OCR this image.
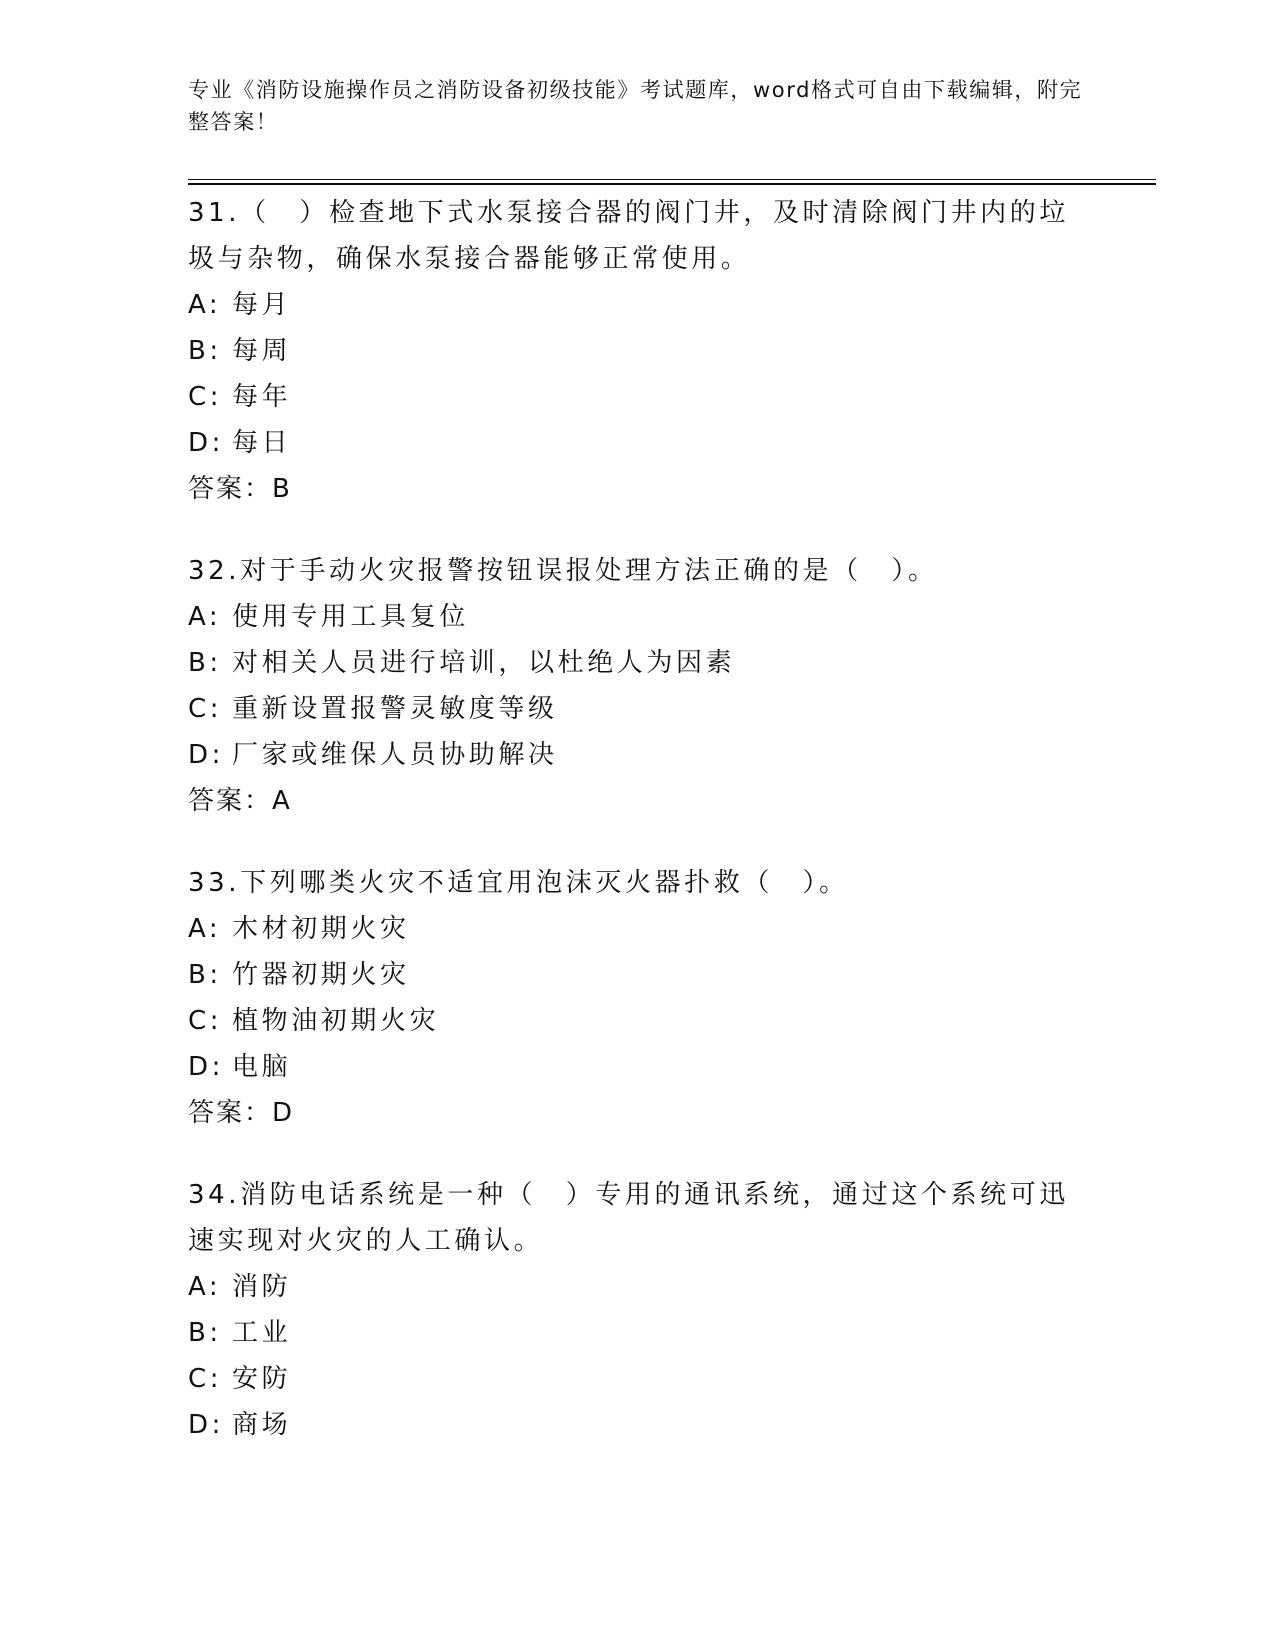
专业《消防设施操作员之消防设备初级技能》考试题库，word格式可自由下载编辑，附完整答案！
31.（　）检查地下式水泵接合器的阀门井，及时清除阀门井内的垃圾与杂物，确保水泵接合器能够正常使用。
A: 每月
B: 每周
C: 每年
D: 每日
答案：B
32.对于手动火灾报警按钮误报处理方法正确的是（　）。
A: 使用专用工具复位
B: 对相关人员进行培训，以杜绝人为因素
C: 重新设置报警灵敏度等级
D: 厂家或维保人员协助解决
答案：A
33.下列哪类火灾不适宜用泡沫灭火器扑救（　）。
A: 木材初期火灾
B: 竹器初期火灾
C: 植物油初期火灾
D: 电脑
答案：D
34.消防电话系统是一种（　）专用的通讯系统，通过这个系统可迅速实现对火灾的人工确认。
A: 消防
B: 工业
C: 安防
D: 商场
